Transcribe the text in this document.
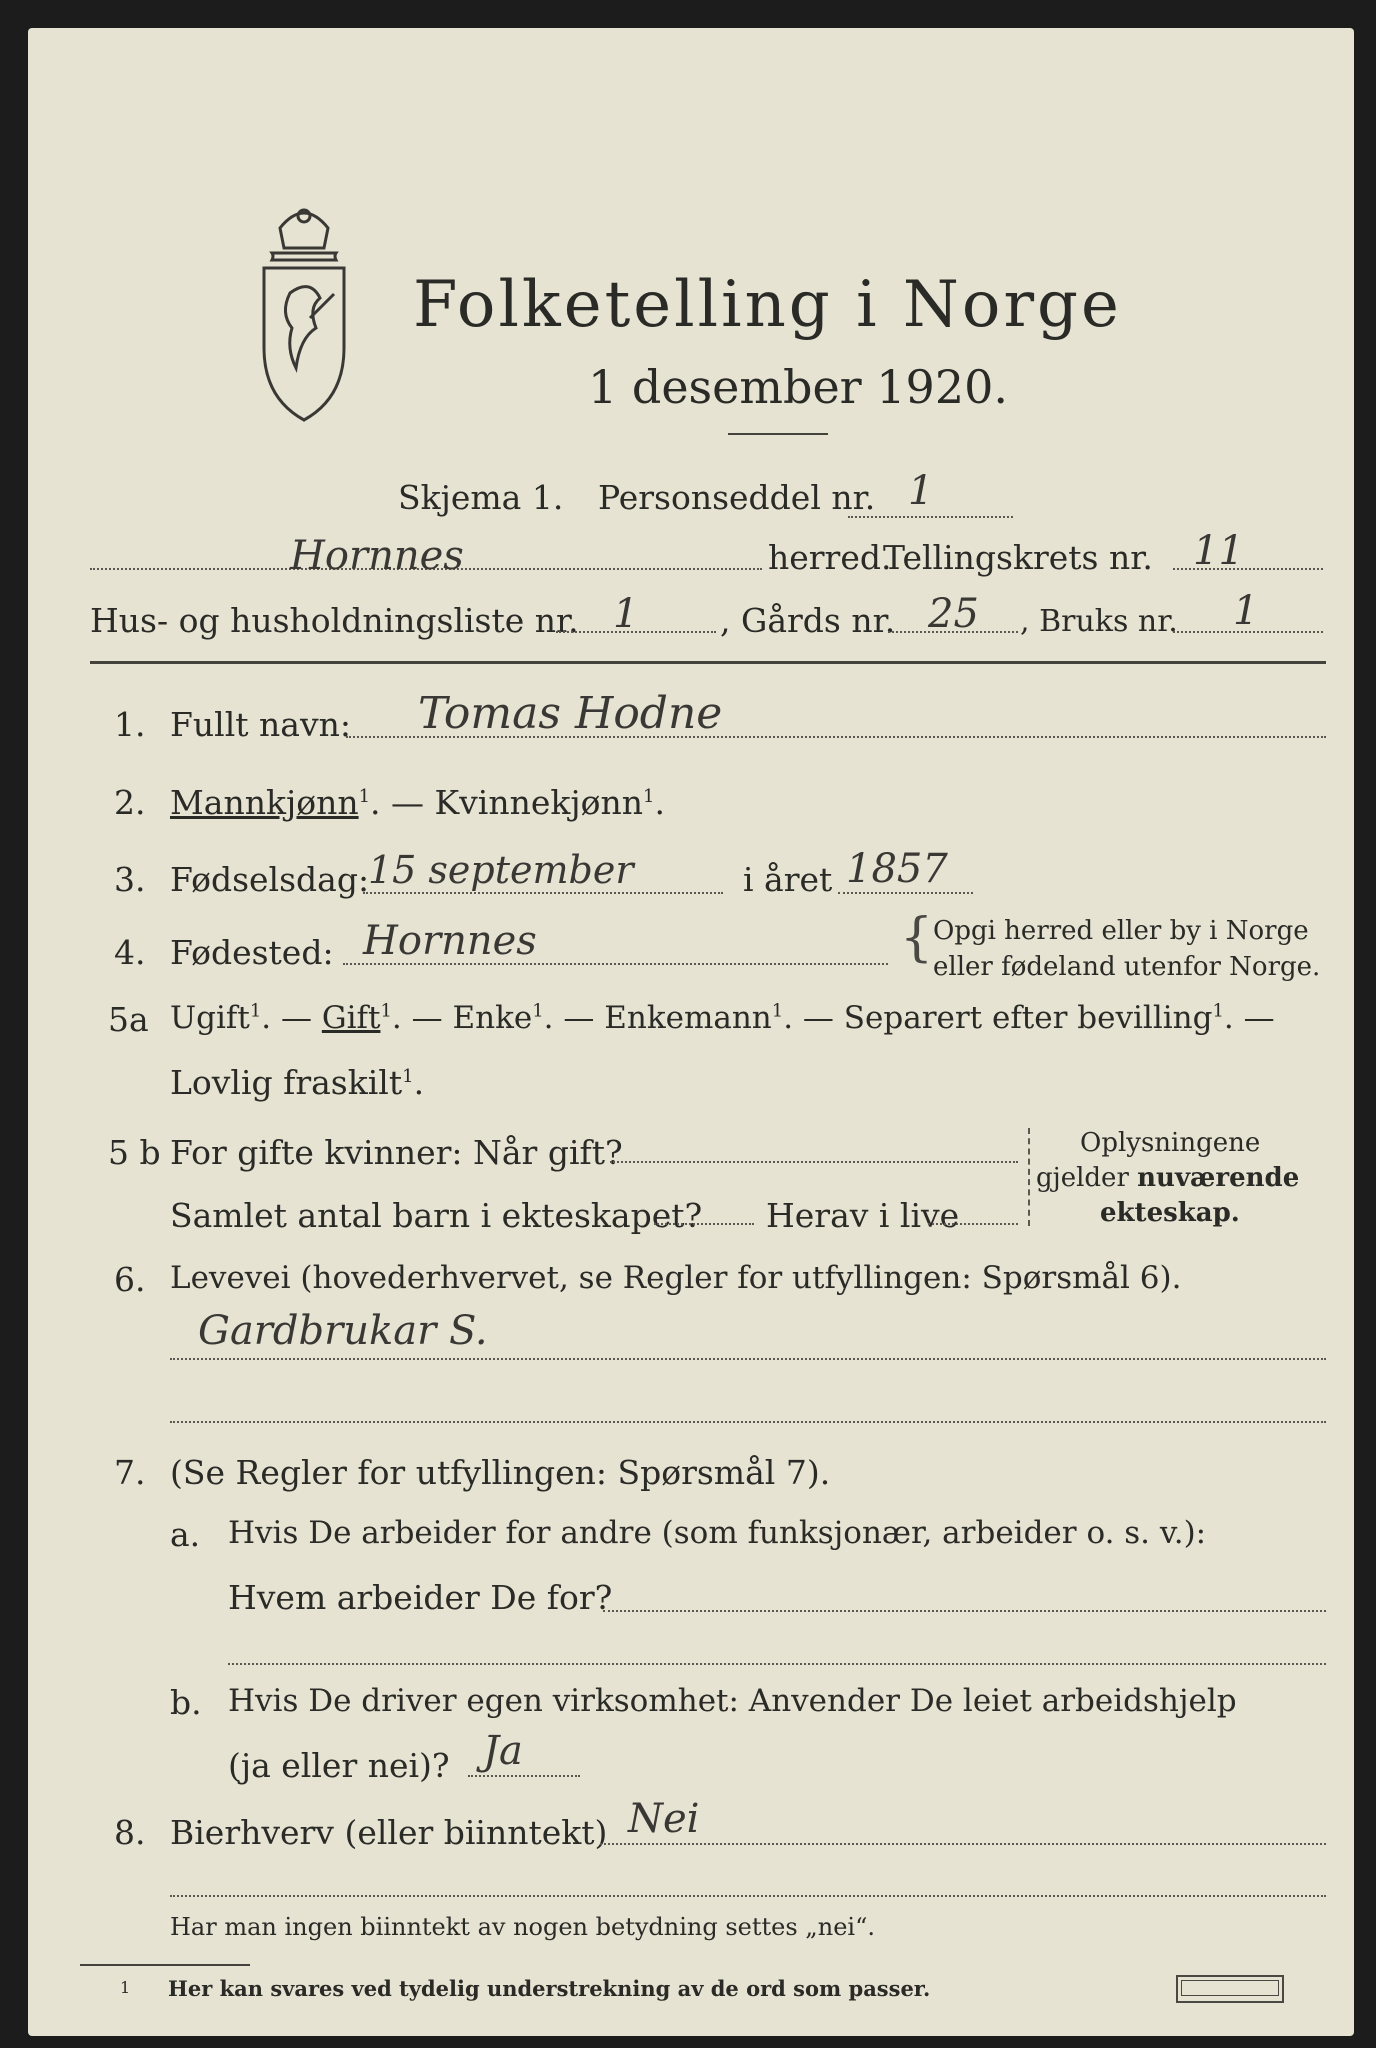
Folketelling i Norge
1 desember 1920.
Skjema 1. Personseddel nr. 1
Hornnes	herred.
Tellingskrets nr. 11
Hus- og husholdningsliste nr. 1 , Gårds nr. 25 , Bruks nr. 1
1. Fullt navn: Tomas Hodne
2. Mannkjønn$^1$. — Kvinnekjønn$^1$.
3. Fødselsdag:
15 september	i året 1857
4. Fødested: Hornnes	{ Opgi herred eller by i Norge
eller fødeland utenfor Norge.
5a Ugift$^1$. — Gift$^1$. — Enke$^1$. — Enkemann$^1$. — Separert efter bevilling$^1$. —
Lovlig fraskilt$^1$.
5 b For gifte kvinner: Når gift?
Samlet antal barn i ekteskapet? Herav i live
Oplysningene
gjelder nuværende
ekteskap.
6. Levevei (hovederhvervet, se Regler for utfyllingen: Spørsmål 6).
Gardbrukar S.
7. (Se Regler for utfyllingen: Spørsmål 7).
a. Hvis De arbeider for andre (som funksjonær, arbeider o. s. v.):
Hvem arbeider De for?
b. Hvis De driver egen virksomhet: Anvender De leiet arbeidshjelp
(ja eller nei)? Ja
8. Bierhverv (eller biinntekt) Nei
Har man ingen biinntekt av nogen betydning settes „nei“.
1 Her kan svares ved tydelig understrekning av de ord som passer.
